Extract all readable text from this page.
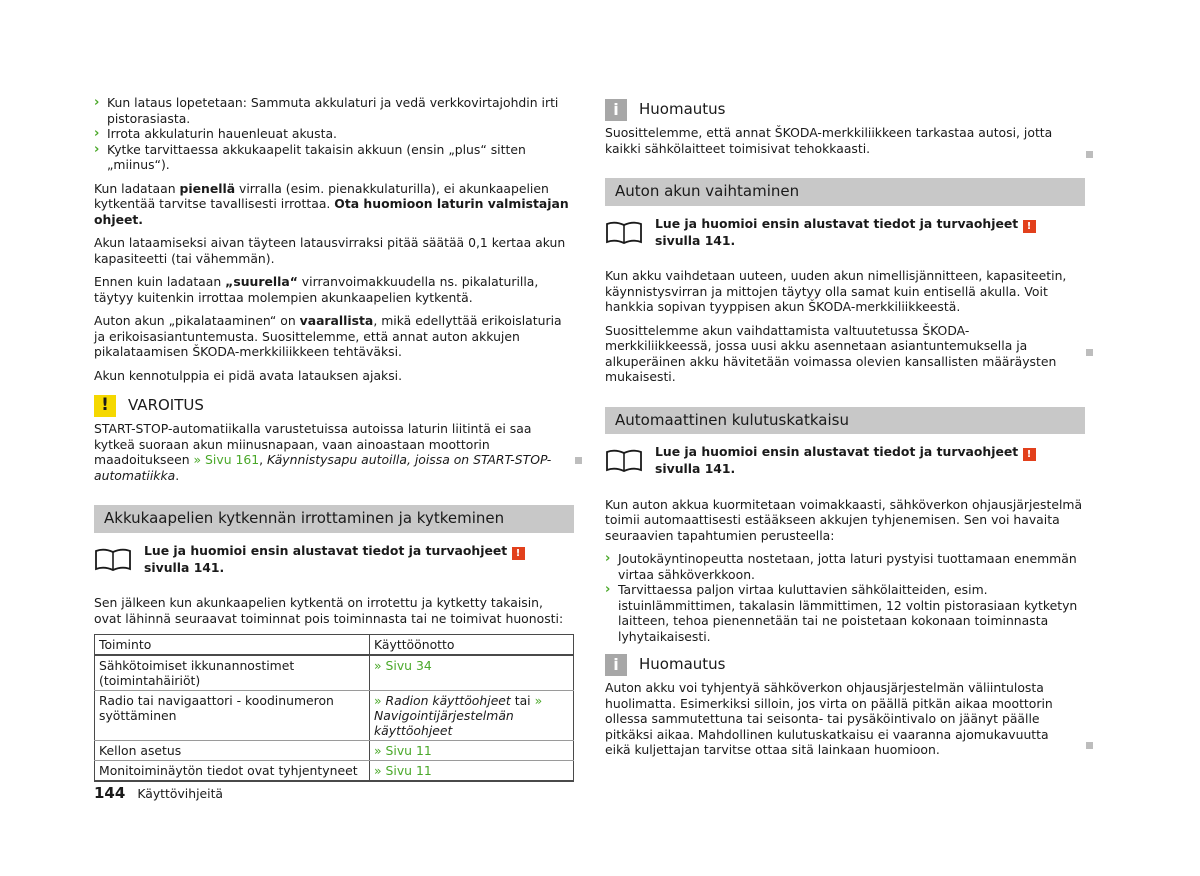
› Kun lataus lopetetaan: Sammuta akkulaturi ja vedä verkkovirtajohdin irti pistorasiasta.
› Irrota akkulaturin hauenleuat akusta.
› Kytke tarvittaessa akkukaapelit takaisin akkuun (ensin „plus“ sitten „miinus“).

Kun ladataan pienellä virralla (esim. pienakkulaturilla), ei akunkaapelien kytkentää tarvitse tavallisesti irrottaa. Ota huomioon laturin valmistajan ohjeet.

Akun lataamiseksi aivan täyteen latausvirraksi pitää säätää 0,1 kertaa akun kapasiteetti (tai vähemmän).

Ennen kuin ladataan „suurella“ virranvoimakkuudella ns. pikalaturilla, täytyy kuitenkin irrottaa molempien akunkaapelien kytkentä.

Auton akun „pikalataaminen“ on vaarallista, mikä edellyttää erikoislaturia ja erikoisasiantuntemusta. Suosittelemme, että annat auton akkujen pikalataamisen ŠKODA-merkkiliikkeen tehtäväksi.

Akun kennotulppia ei pidä avata latauksen ajaksi.

!	VAROITUS

START-STOP-automatiikalla varustetuissa autoissa laturin liitintä ei saa kytkeä suoraan akun miinusnapaan, vaan ainoastaan moottorin maadoitukseen » Sivu 161, Käynnistysapu autoilla, joissa on START-STOP-automatiikka.

Akkukaapelien kytkennän irrottaminen ja kytkeminen
Lue ja huomioi ensin alustavat tiedot ja turvaohjeet ! sivulla 141.

Sen jälkeen kun akunkaapelien kytkentä on irrotettu ja kytketty takaisin, ovat lähinnä seuraavat toiminnat pois toiminnasta tai ne toimivat huonosti:

Toiminto	Käyttöönotto
Sähkötoimiset ikkunannostimet (toimintahäiriöt)	» Sivu 34
Radio tai navigaattori - koodinumeron syöttäminen	» Radion käyttöohjeet tai » Navigointijärjestelmän käyttöohjeet
Kellon asetus	» Sivu 11
Monitoiminäytön tiedot ovat tyhjentyneet	» Sivu 11
i	Huomautus

Suosittelemme, että annat ŠKODA-merkkiliikkeen tarkastaa autosi, jotta kaikki sähkölaitteet toimisivat tehokkaasti.

Auton akun vaihtaminen
Lue ja huomioi ensin alustavat tiedot ja turvaohjeet ! sivulla 141.

Kun akku vaihdetaan uuteen, uuden akun nimellisjännitteen, kapasiteetin, käynnistysvirran ja mittojen täytyy olla samat kuin entisellä akulla. Voit hankkia sopivan tyyppisen akun ŠKODA-merkkiliikkeestä.

Suosittelemme akun vaihdattamista valtuutetussa ŠKODA-merkkiliikkeessä, jossa uusi akku asennetaan asiantuntemuksella ja alkuperäinen akku hävitetään voimassa olevien kansallisten määräysten mukaisesti.

Automaattinen kulutuskatkaisu
Lue ja huomioi ensin alustavat tiedot ja turvaohjeet ! sivulla 141.

Kun auton akkua kuormitetaan voimakkaasti, sähköverkon ohjausjärjestelmä toimii automaattisesti estääkseen akkujen tyhjenemisen. Sen voi havaita seuraavien tapahtumien perusteella:

› Joutokäyntinopeutta nostetaan, jotta laturi pystyisi tuottamaan enemmän virtaa sähköverkkoon.
› Tarvittaessa paljon virtaa kuluttavien sähkölaitteiden, esim. istuinlämmittimen, takalasin lämmittimen, 12 voltin pistorasiaan kytketyn laitteen, tehoa pienennetään tai ne poistetaan kokonaan toiminnasta lyhytaikaisesti.
i	Huomautus

Auton akku voi tyhjentyä sähköverkon ohjausjärjestelmän väliintulosta huolimatta. Esimerkiksi silloin, jos virta on päällä pitkän aikaa moottorin ollessa sammutettuna tai seisonta- tai pysäköintivalo on jäänyt päälle pitkäksi aikaa. Mahdollinen kulutuskatkaisu ei vaaranna ajomukavuutta eikä kuljettajan tarvitse ottaa sitä lainkaan huomioon.

144 Käyttövihjeitä
